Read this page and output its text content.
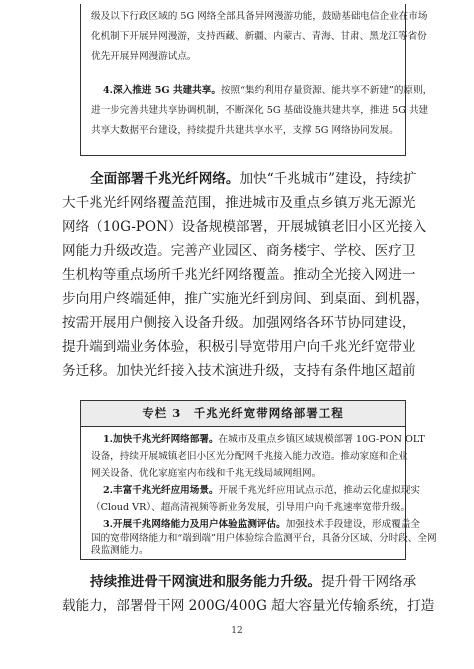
级及以下行政区域的 5G 网络全部具备异网漫游功能，鼓励基础电信企业在市场

化机制下开展异网漫游，支持西藏、新疆、内蒙古、青海、甘肃、黑龙江等省份

优先开展异网漫游试点。

4.深入推进 5G 共建共享。按照“集约利用存量资源、能共享不新建”的原则，

进一步完善共建共享协调机制，不断深化 5G 基础设施共建共享，推进 5G 共建

共享大数据平台建设，持续提升共建共享水平，支撑 5G 网络协同发展。

全面部署千兆光纤网络。加快“千兆城市”建设，持续扩

大千兆光纤网络覆盖范围，推进城市及重点乡镇万兆无源光

网络（10G-PON）设备规模部署，开展城镇老旧小区光接入

网能力升级改造。完善产业园区、商务楼宇、学校、医疗卫

生机构等重点场所千兆光纤网络覆盖。推动全光接入网进一

步向用户终端延伸，推广实施光纤到房间、到桌面、到机器，

按需开展用户侧接入设备升级。加强网络各环节协同建设，

提升端到端业务体验，积极引导宽带用户向千兆光纤宽带业

务迁移。加快光纤接入技术演进升级，支持有条件地区超前

专栏 3　千兆光纤宽带网络部署工程

1.加快千兆光纤网络部署。在城市及重点乡镇区域规模部署 10G-PON OLT

设备，持续开展城镇老旧小区光分配网千兆接入能力改造。推动家庭和企业

网关设备、优化家庭室内布线和千兆无线局域网组网。

2.丰富千兆光纤应用场景。开展千兆光纤应用试点示范，推动云化虚拟现实

（Cloud VR）、超高清视频等新业务发展，引导用户向千兆速率宽带升级。

3.开展千兆网络能力及用户体验监测评估。加强技术手段建设，形成覆盖全

国的宽带网络能力和“端到端”用户体验综合监测平台，具备分区域、分时段、全网

段监测能力。

持续推进骨干网演进和服务能力升级。提升骨干网络承

载能力，部署骨干网 200G/400G 超大容量光传输系统，打造

12
